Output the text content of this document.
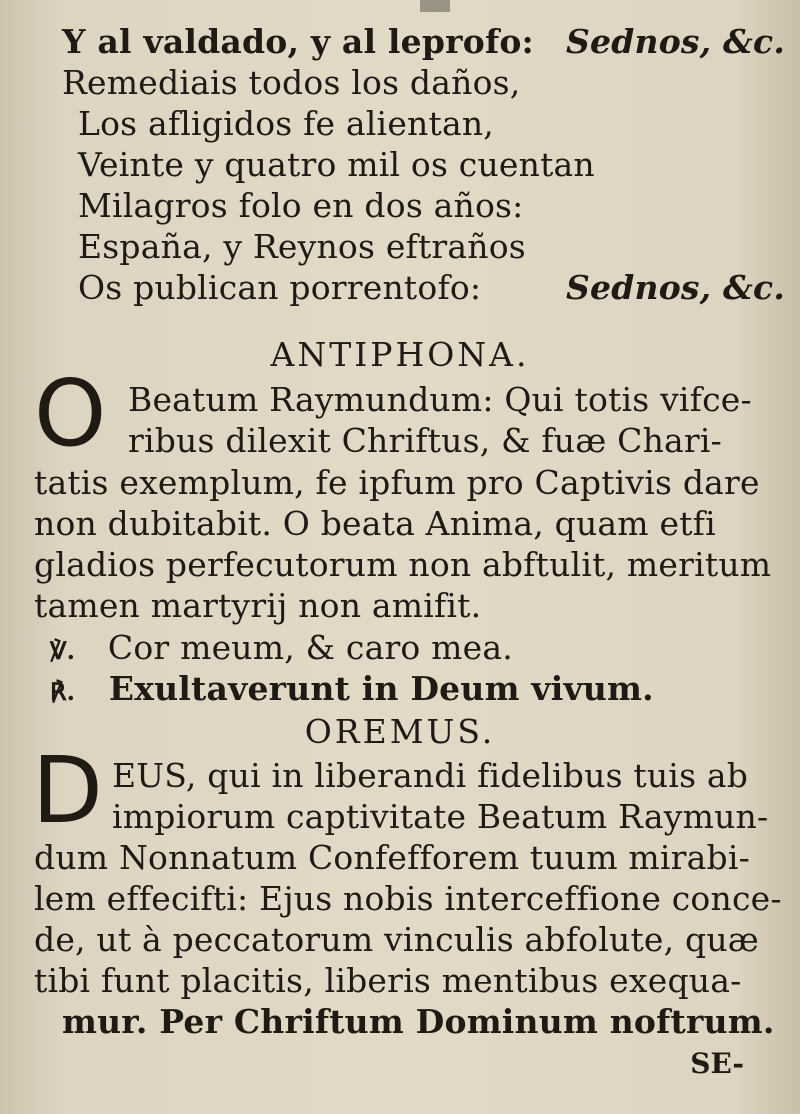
Y al valdado, y al leprofo: Sednos, &c.
Remediais todos los daños,
Los afligidos fe alientan,
Veinte y quatro mil os cuentan
Milagros folo en dos años:
España, y Reynos eftraños
Os publican porrentofo:	Sednos, &c.
ANTIPHONA.
O Beatum Raymundum: Qui totis vifce-
ribus dilexit Chriftus, & fuæ Chari-
tatis exemplum, fe ipfum pro Captivis dare
non dubitabit. O beata Anima, quam etfi
gladios perfecutorum non abftulit, meritum
tamen martyrij non amifit.
℣. Cor meum, & caro mea.
℟. Exultaverunt in Deum vivum.
OREMUS.
D EUS, qui in liberandi fidelibus tuis ab
impiorum captivitate Beatum Raymun-
dum Nonnatum Confefforem tuum mirabi-
lem effecifti: Ejus nobis interceffione conce-
de, ut à peccatorum vinculis abfolute, quæ
tibi funt placitis, liberis mentibus exequa-
mur. Per Chriftum Dominum noftrum.
SE-
